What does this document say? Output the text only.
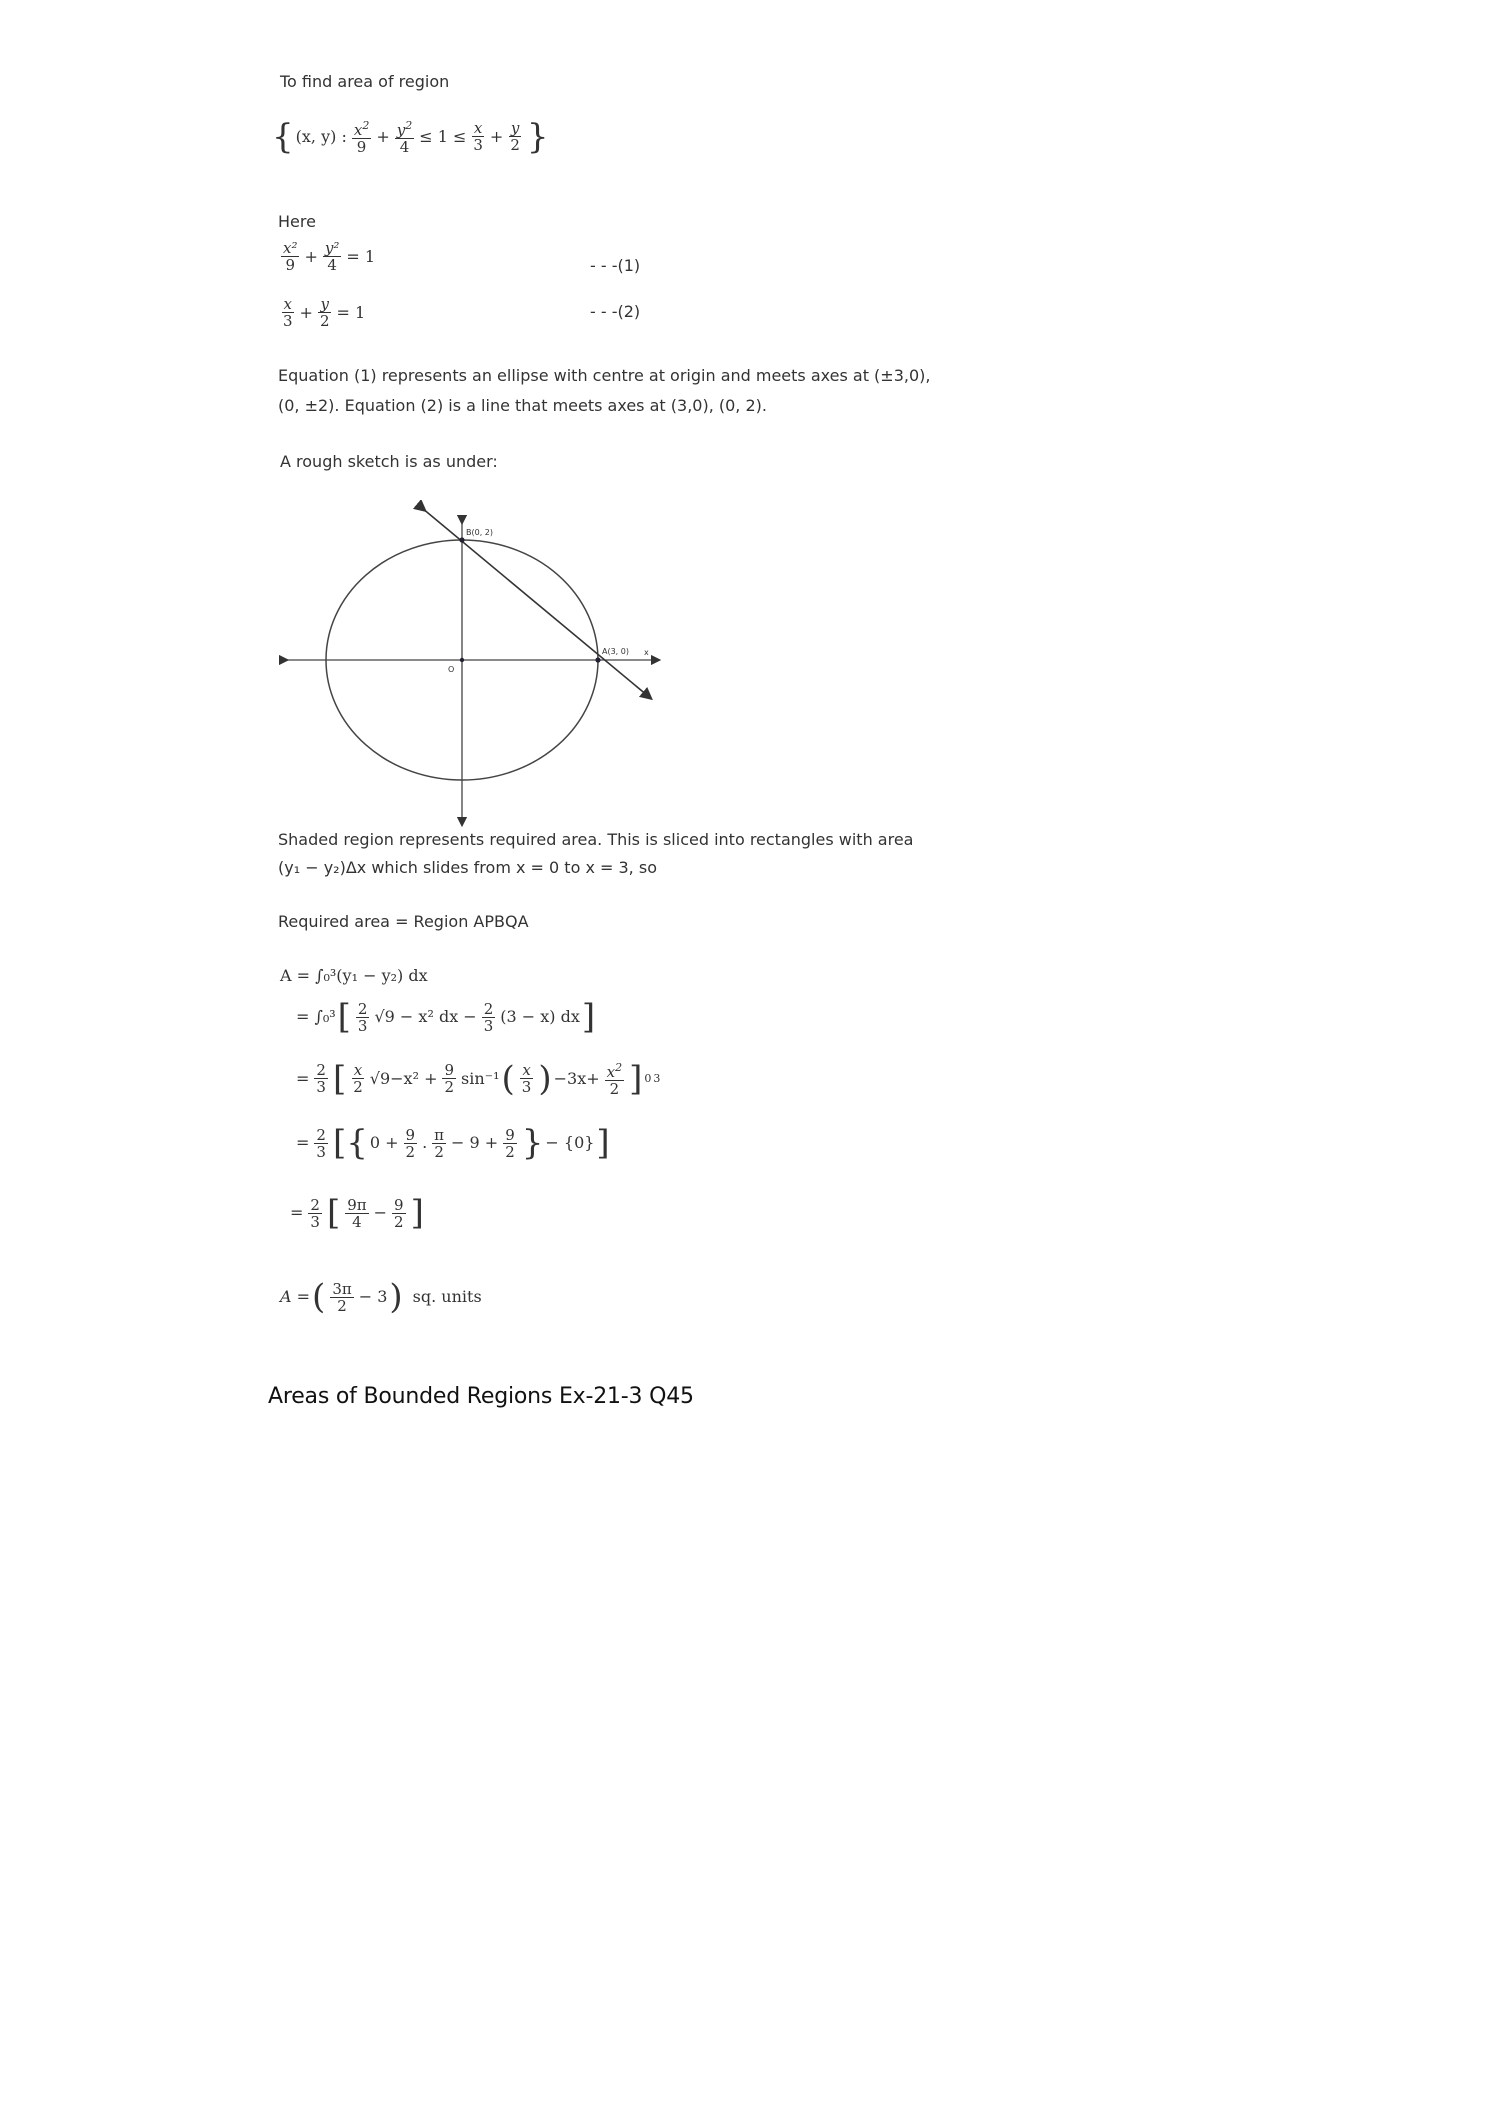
To find area of region
{ (x, y) : $\frac{x^2}{9} + \frac{y^2}{4} \le 1 \le \frac{x}{3} + \frac{y}{2}$ }
Here
$\frac{\text{x²}}{9} + \frac{\text{y²}}{4} = 1$	- - -(1)
$\frac{x}{3} + \frac{y}{2} = 1$	- - -(2)
Equation (1) represents an ellipse with centre at origin and meets axes at (±3,0),
(0, ±2). Equation (2) is a line that meets axes at (3,0), (0, 2).
A rough sketch is as under:
B(0, 2)
A(3, 0)
O
x
Shaded region represents required area. This is sliced into rectangles with area
(y₁ − y₂)Δx which slides from x = 0 to x = 3, so
Required area = Region APBQA
A = ∫₀³(y₁ − y₂) dx
= ∫₀³ [ $\frac{2}{3} √9 - x^2$ dx − $\frac{2}{3} (3 - x)$ dx ]
= $\frac{2}{3}$ [ $\frac{x}{2} √9-x^2 + \frac{9}{2} \sin^{-1}$ ( $\frac{x}{3}$ ) $-3x+ \frac{x^2}{2}$ ] 0 3
= $\frac{2}{3}$ [{ $0 + \frac{9}{2}$ . $\frac{\pi}{2} - 9 + \frac{9}{2}$ } − {0} ]
= $\frac{2}{3}$ [ $\frac{9\pi}{4} - \frac{9}{2}$ ]
A = ( $\frac{3\pi}{2} - 3$ ) sq. units
Areas of Bounded Regions Ex-21-3 Q45
